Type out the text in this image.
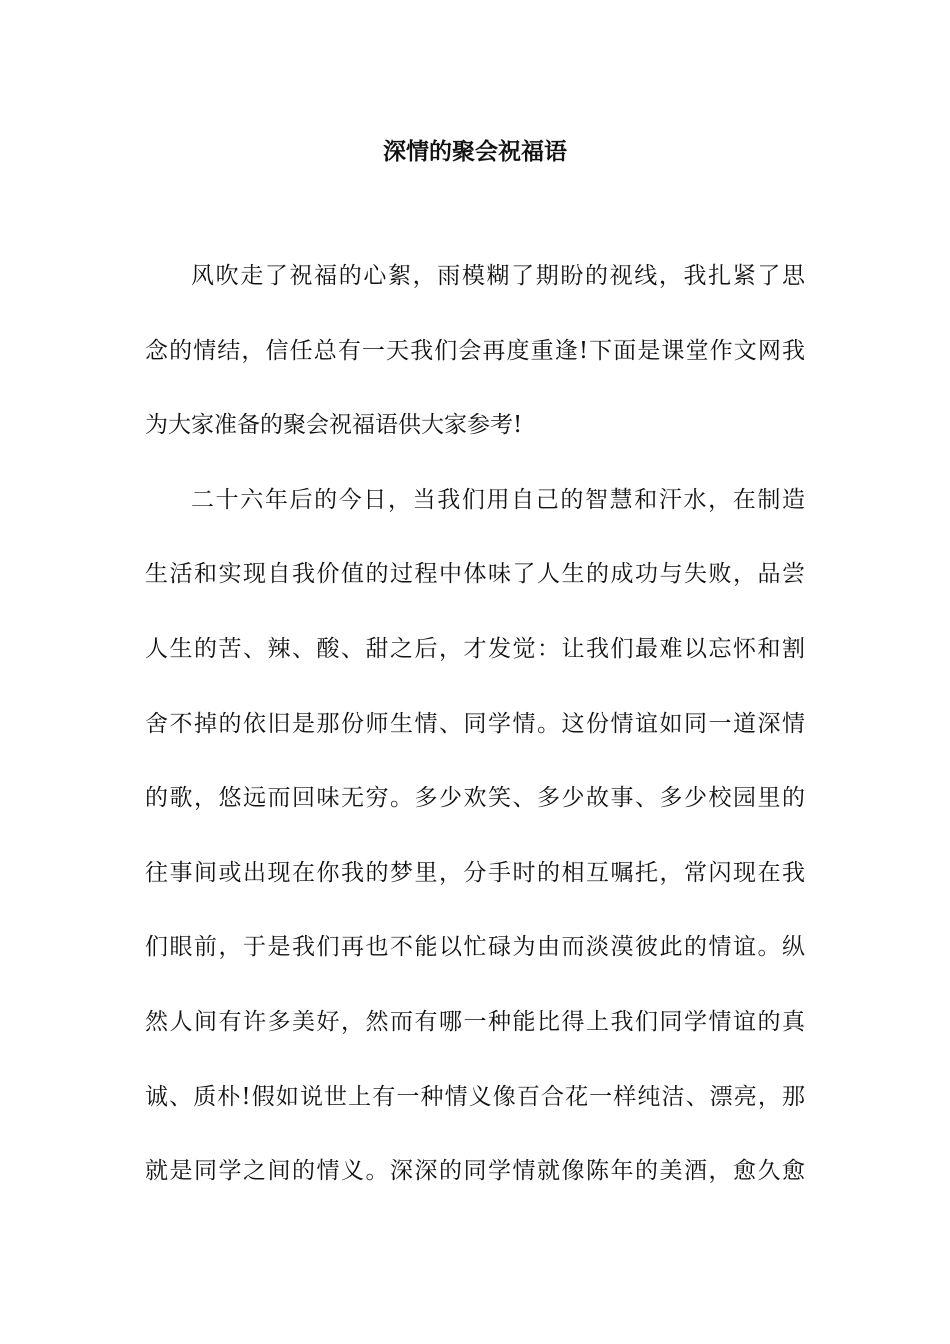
深情的聚会祝福语
风吹走了祝福的心絮，雨模糊了期盼的视线，我扎紧了思
念的情结，信任总有一天我们会再度重逢!下面是课堂作文网我
为大家准备的聚会祝福语供大家参考!
二十六年后的今日，当我们用自己的智慧和汗水，在制造
生活和实现自我价值的过程中体味了人生的成功与失败，品尝
人生的苦、辣、酸、甜之后，才发觉：让我们最难以忘怀和割
舍不掉的依旧是那份师生情、同学情。这份情谊如同一道深情
的歌，悠远而回味无穷。多少欢笑、多少故事、多少校园里的
往事间或出现在你我的梦里，分手时的相互嘱托，常闪现在我
们眼前，于是我们再也不能以忙碌为由而淡漠彼此的情谊。纵
然人间有许多美好，然而有哪一种能比得上我们同学情谊的真
诚、质朴!假如说世上有一种情义像百合花一样纯洁、漂亮，那
就是同学之间的情义。深深的同学情就像陈年的美酒，愈久愈
